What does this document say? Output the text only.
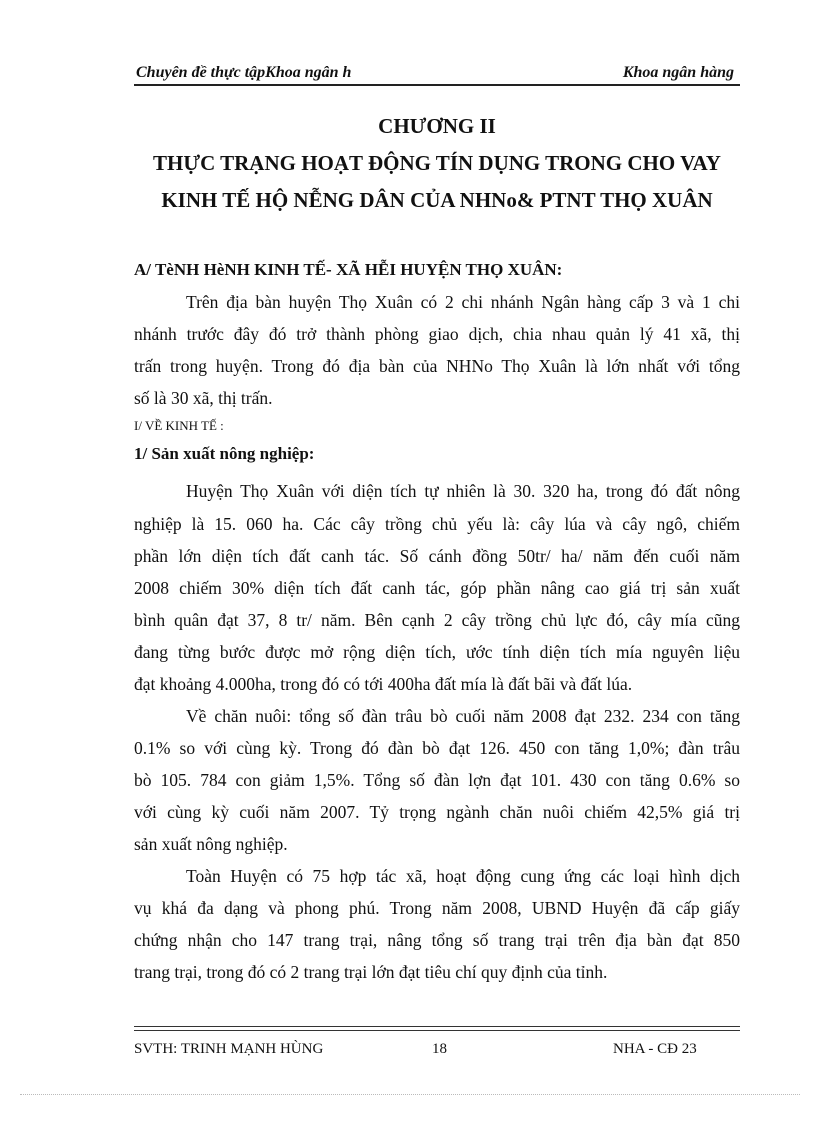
Chuyên đề thực tậpKhoa ngân h	Khoa ngân hàng
CHƯƠNG II
THỰC TRẠNG HOẠT ĐỘNG TÍN DỤNG TRONG CHO VAY
KINH TẾ HỘ NỄNG DÂN CỦA NHNo& PTNT THỌ XUÂN
A/ TèNH HèNH KINH TẾ- XÃ HỄI HUYỆN THỌ XUÂN:
Trên địa bàn huyện Thọ Xuân có 2 chi nhánh Ngân hàng cấp 3 và 1 chi
nhánh trước đây đó trở thành phòng giao dịch, chia nhau quản lý 41 xã, thị
trấn trong huyện. Trong đó địa bàn của NHNo Thọ Xuân là lớn nhất với tổng
số là 30 xã, thị trấn.
I/ VỀ KINH TẾ :
1/ Sản xuất nông nghiệp:
Huyện Thọ Xuân với diện tích tự nhiên là 30. 320 ha, trong đó đất nông
nghiệp là 15. 060 ha. Các cây trồng chủ yếu là: cây lúa và cây ngô, chiếm
phần lớn diện tích đất canh tác. Số cánh đồng 50tr/ ha/ năm đến cuối năm
2008 chiếm 30% diện tích đất canh tác, góp phần nâng cao giá trị sản xuất
bình quân đạt 37, 8 tr/ năm. Bên cạnh 2 cây trồng chủ lực đó, cây mía cũng
đang từng bước được mở rộng diện tích, ước tính diện tích mía nguyên liệu
đạt khoảng 4.000ha, trong đó có tới 400ha đất mía là đất bãi và đất lúa.
Về chăn nuôi: tổng số đàn trâu bò cuối năm 2008 đạt 232. 234 con tăng
0.1% so với cùng kỳ. Trong đó đàn bò đạt 126. 450 con tăng 1,0%; đàn trâu
bò 105. 784 con giảm 1,5%. Tổng số đàn lợn đạt 101. 430 con tăng 0.6% so
với cùng kỳ cuối năm 2007. Tỷ trọng ngành chăn nuôi chiếm 42,5% giá trị
sản xuất nông nghiệp.
Toàn Huyện có 75 hợp tác xã, hoạt động cung ứng các loại hình dịch
vụ khá đa dạng và phong phú. Trong năm 2008, UBND Huyện đã cấp giấy
chứng nhận cho 147 trang trại, nâng tổng số trang trại trên địa bàn đạt 850
trang trại, trong đó có 2 trang trại lớn đạt tiêu chí quy định của tỉnh.
SVTH: TRINH MẠNH HÙNG	18	NHA - CĐ 23
